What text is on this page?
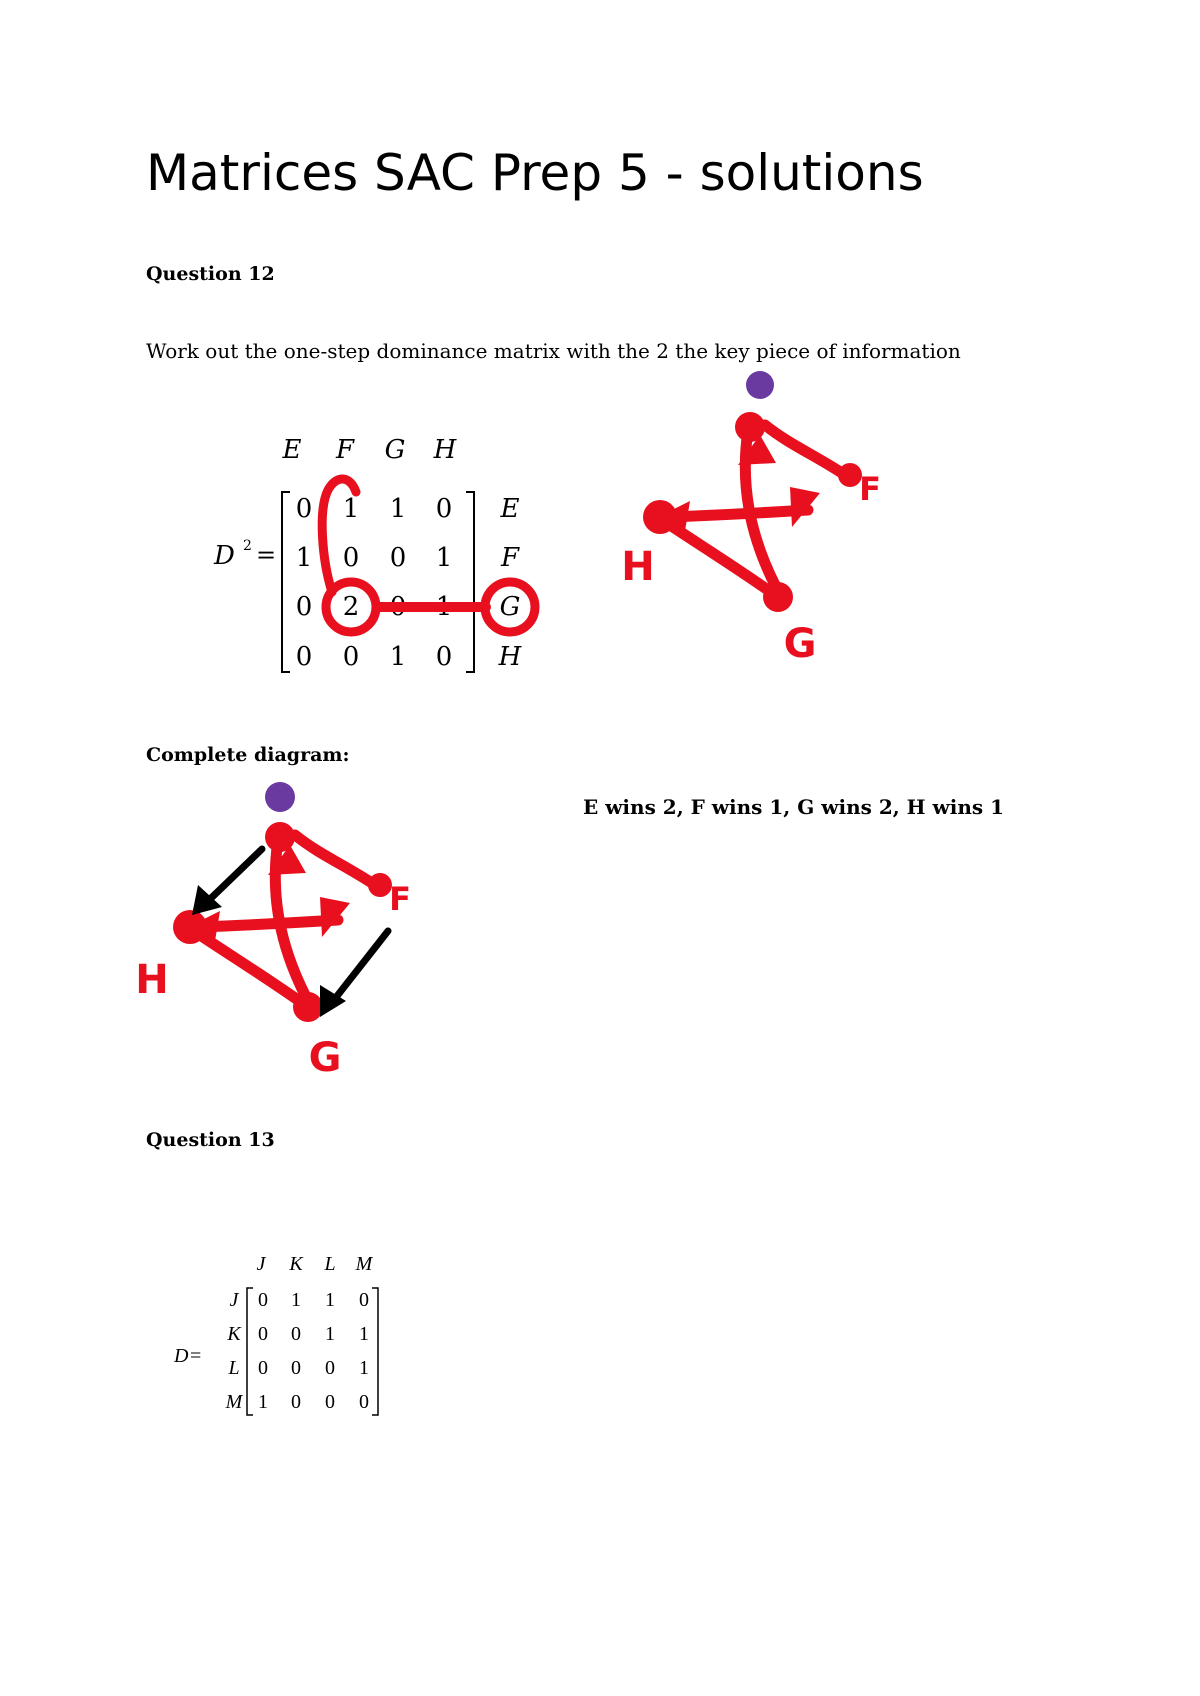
Matrices SAC Prep 5 - solutions
Question 12
Work out the one-step dominance matrix with the 2 the key piece of information
E F G H
D 2 =
0 1 1 0
1 0 0 1
0 2 0 1
0 0 1 0
E
F
G
H
E
F
H
G
Complete diagram:
E wins 2, F wins 1, G wins 2, H wins 1
E
F
H
G
Question 13
J K L M
D =
J
K
L
M
0 1 1 0
0 0 1 1
0 0 0 1
1 0 0 0
